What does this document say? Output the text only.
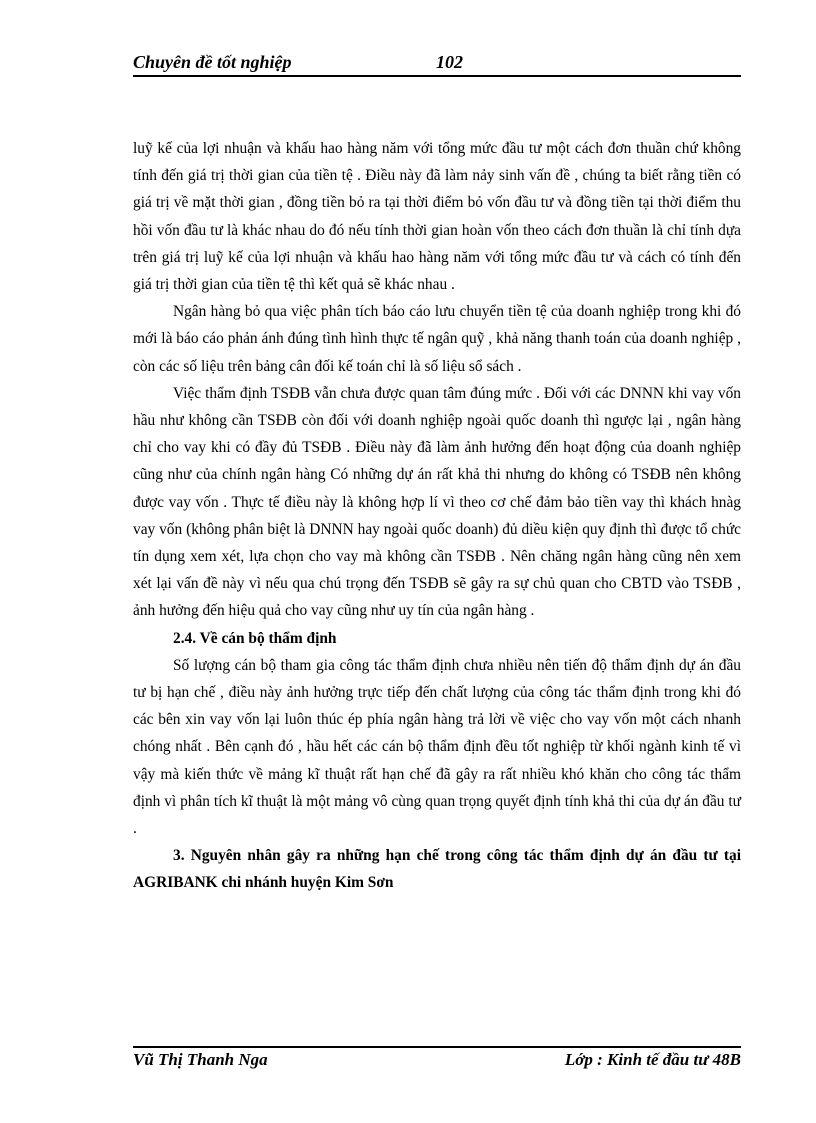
Chuyên đề tốt nghiệp	102

luỹ kế của lợi nhuận và khấu hao hàng năm với tổng mức đầu tư một cách đơn thuần chứ không tính đến giá trị thời gian của tiền tệ . Điều này đã làm nảy sinh vấn đề , chúng ta biết rằng tiền có giá trị về mặt thời gian , đồng tiền bỏ ra tại thời điểm bỏ vốn đầu tư và đồng tiền tại thời điểm thu hồi vốn đầu tư là khác nhau do đó nếu tính thời gian hoàn vốn theo cách đơn thuần là chỉ tính dựa trên giá trị luỹ kế của lợi nhuận và khấu hao hàng năm với tổng mức đầu tư và cách có tính đến giá trị thời gian của tiền tệ thì kết quả sẽ khác nhau .

Ngân hàng bỏ qua việc phân tích báo cáo lưu chuyển tiền tệ của doanh nghiệp trong khi đó mới là báo cáo phản ánh đúng tình hình thực tế ngân quỹ , khả năng thanh toán của doanh nghiệp , còn các số liệu trên bảng cân đối kế toán chỉ là số liệu sổ sách .

Việc thẩm định TSĐB vẫn chưa được quan tâm đúng mức . Đối với các DNNN khi vay vốn hầu như không cần TSĐB còn đối với doanh nghiệp ngoài quốc doanh thì ngược lại , ngân hàng chỉ cho vay khi có đầy đủ TSĐB . Điều này đã làm ảnh hưởng đến hoạt động của doanh nghiệp cũng như của chính ngân hàng Có những dự án rất khả thi nhưng do không có TSĐB nên không được vay vốn . Thực tế điều này là không hợp lí vì theo cơ chế đảm bảo tiền vay thì khách hnàg vay vốn (không phân biệt là DNNN hay ngoài quốc doanh) đủ diều kiện quy định thì được tổ chức tín dụng xem xét, lựa chọn cho vay mà không cần TSĐB . Nên chăng ngân hàng cũng nên xem xét lại vấn đề này vì nếu qua chú trọng đến TSĐB sẽ gây ra sự chủ quan cho CBTD vào TSĐB , ảnh hưởng đến hiệu quả cho vay cũng như uy tín của ngân hàng .

2.4. Về cán bộ thẩm định

Số lượng cán bộ tham gia công tác thẩm định chưa nhiều nên tiến độ thẩm định dự án đầu tư bị hạn chế , điều này ảnh hưởng trực tiếp đến chất lượng của công tác thẩm định trong khi đó các bên xin vay vốn lại luôn thúc ép phía ngân hàng trả lời về việc cho vay vốn một cách nhanh chóng nhất . Bên cạnh đó , hầu hết các cán bộ thẩm định đều tốt nghiệp từ khối ngành kinh tế vì vậy mà kiến thức về mảng kĩ thuật rất hạn chế đã gây ra rất nhiều khó khăn cho công tác thẩm định vì phân tích kĩ thuật là một mảng vô cùng quan trọng quyết định tính khả thi của dự án đầu tư .

3. Nguyên nhân gây ra những hạn chế trong công tác thẩm định dự án đầu tư tại AGRIBANK chi nhánh huyện Kim Sơn

Vũ Thị Thanh Nga	Lớp : Kinh tế đầu tư 48B
